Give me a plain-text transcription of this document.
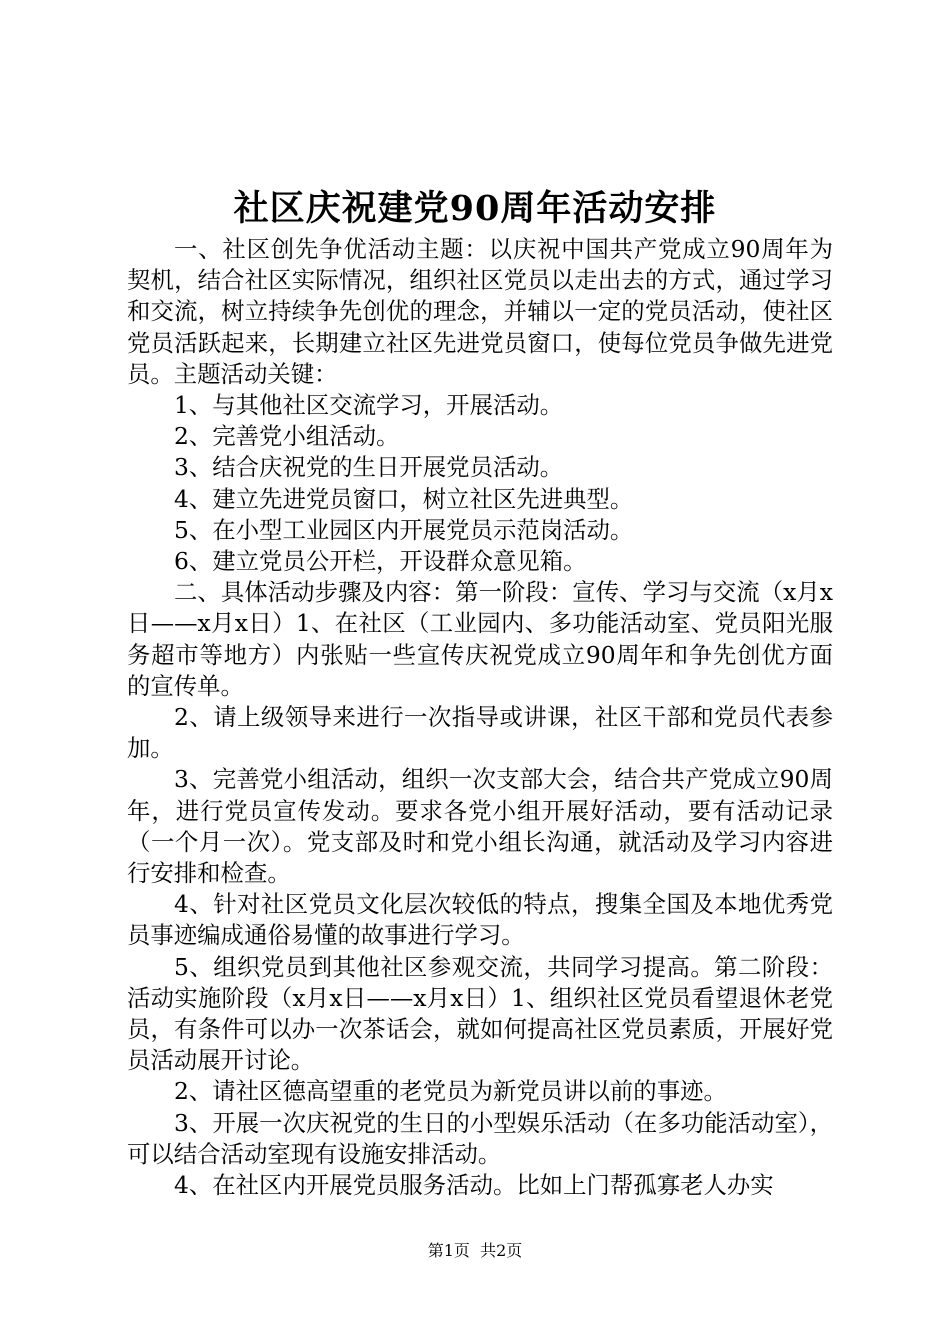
社区庆祝建党90周年活动安排

一、社区创先争优活动主题：以庆祝中国共产党成立90周年为契机，结合社区实际情况，组织社区党员以走出去的方式，通过学习和交流，树立持续争先创优的理念，并辅以一定的党员活动，使社区党员活跃起来，长期建立社区先进党员窗口，使每位党员争做先进党员。主题活动关键：

1、与其他社区交流学习，开展活动。

2、完善党小组活动。

3、结合庆祝党的生日开展党员活动。

4、建立先进党员窗口，树立社区先进典型。

5、在小型工业园区内开展党员示范岗活动。

6、建立党员公开栏，开设群众意见箱。

二、具体活动步骤及内容：第一阶段：宣传、学习与交流（x月x日——x月x日）1、在社区（工业园内、多功能活动室、党员阳光服务超市等地方）内张贴一些宣传庆祝党成立90周年和争先创优方面的宣传单。

2、请上级领导来进行一次指导或讲课，社区干部和党员代表参加。

3、完善党小组活动，组织一次支部大会，结合共产党成立90周年，进行党员宣传发动。要求各党小组开展好活动，要有活动记录（一个月一次）。党支部及时和党小组长沟通，就活动及学习内容进行安排和检查。

4、针对社区党员文化层次较低的特点，搜集全国及本地优秀党员事迹编成通俗易懂的故事进行学习。

5、组织党员到其他社区参观交流，共同学习提高。第二阶段：活动实施阶段（x月x日——x月x日）1、组织社区党员看望退休老党员，有条件可以办一次茶话会，就如何提高社区党员素质，开展好党员活动展开讨论。

2、请社区德高望重的老党员为新党员讲以前的事迹。

3、开展一次庆祝党的生日的小型娱乐活动（在多功能活动室），可以结合活动室现有设施安排活动。

4、在社区内开展党员服务活动。比如上门帮孤寡老人办实

第1页  共2页
